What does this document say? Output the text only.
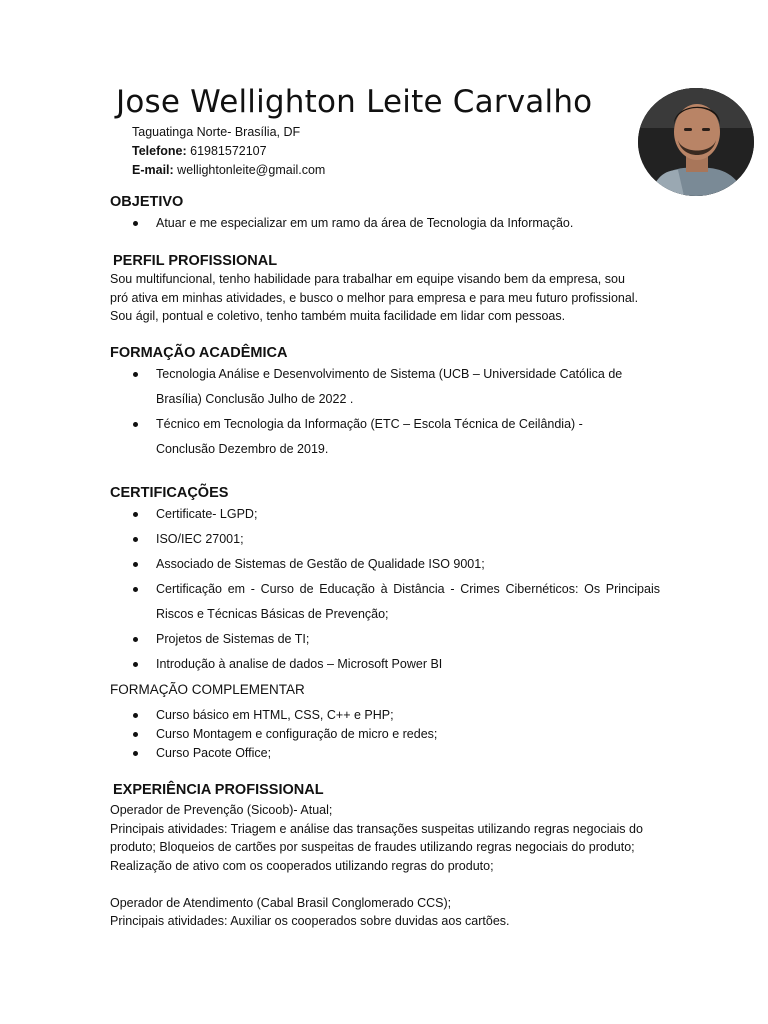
Jose Wellighton Leite Carvalho
Taguatinga Norte- Brasília, DF
Telefone: 61981572107
E-mail: wellightonleite@gmail.com
OBJETIVO
Atuar e me especializar em um ramo da área de Tecnologia da Informação.
PERFIL PROFISSIONAL

Sou multifuncional, tenho habilidade para trabalhar em equipe visando bem da empresa, sou

pró ativa em minhas atividades, e busco o melhor para empresa e para meu futuro profissional.

Sou ágil, pontual e coletivo, tenho também muita facilidade em lidar com pessoas.

FORMAÇÃO ACADÊMICA
Tecnologia Análise e Desenvolvimento de Sistema (UCB – Universidade Católica de Brasília) Conclusão Julho de 2022 .
Técnico em Tecnologia da Informação (ETC – Escola Técnica de Ceilândia) - Conclusão Dezembro de 2019.
CERTIFICAÇÕES
Certificate- LGPD;
ISO/IEC 27001;
Associado de Sistemas de Gestão de Qualidade ISO 9001;
Certificação em - Curso de Educação à Distância - Crimes Cibernéticos: Os Principais Riscos e Técnicas Básicas de Prevenção;
Projetos de Sistemas de TI;
Introdução à analise de dados – Microsoft Power BI
FORMAÇÃO COMPLEMENTAR
Curso básico em HTML, CSS, C++ e PHP;
Curso Montagem e configuração de micro e redes;
Curso Pacote Office;
EXPERIÊNCIA PROFISSIONAL

Operador de Prevenção (Sicoob)- Atual;

Principais atividades: Triagem e análise das transações suspeitas utilizando regras negociais do

produto; Bloqueios de cartões por suspeitas de fraudes utilizando regras negociais do produto;

Realização de ativo com os cooperados utilizando regras do produto;

Operador de Atendimento (Cabal Brasil Conglomerado CCS);

Principais atividades: Auxiliar os cooperados sobre duvidas aos cartões.
